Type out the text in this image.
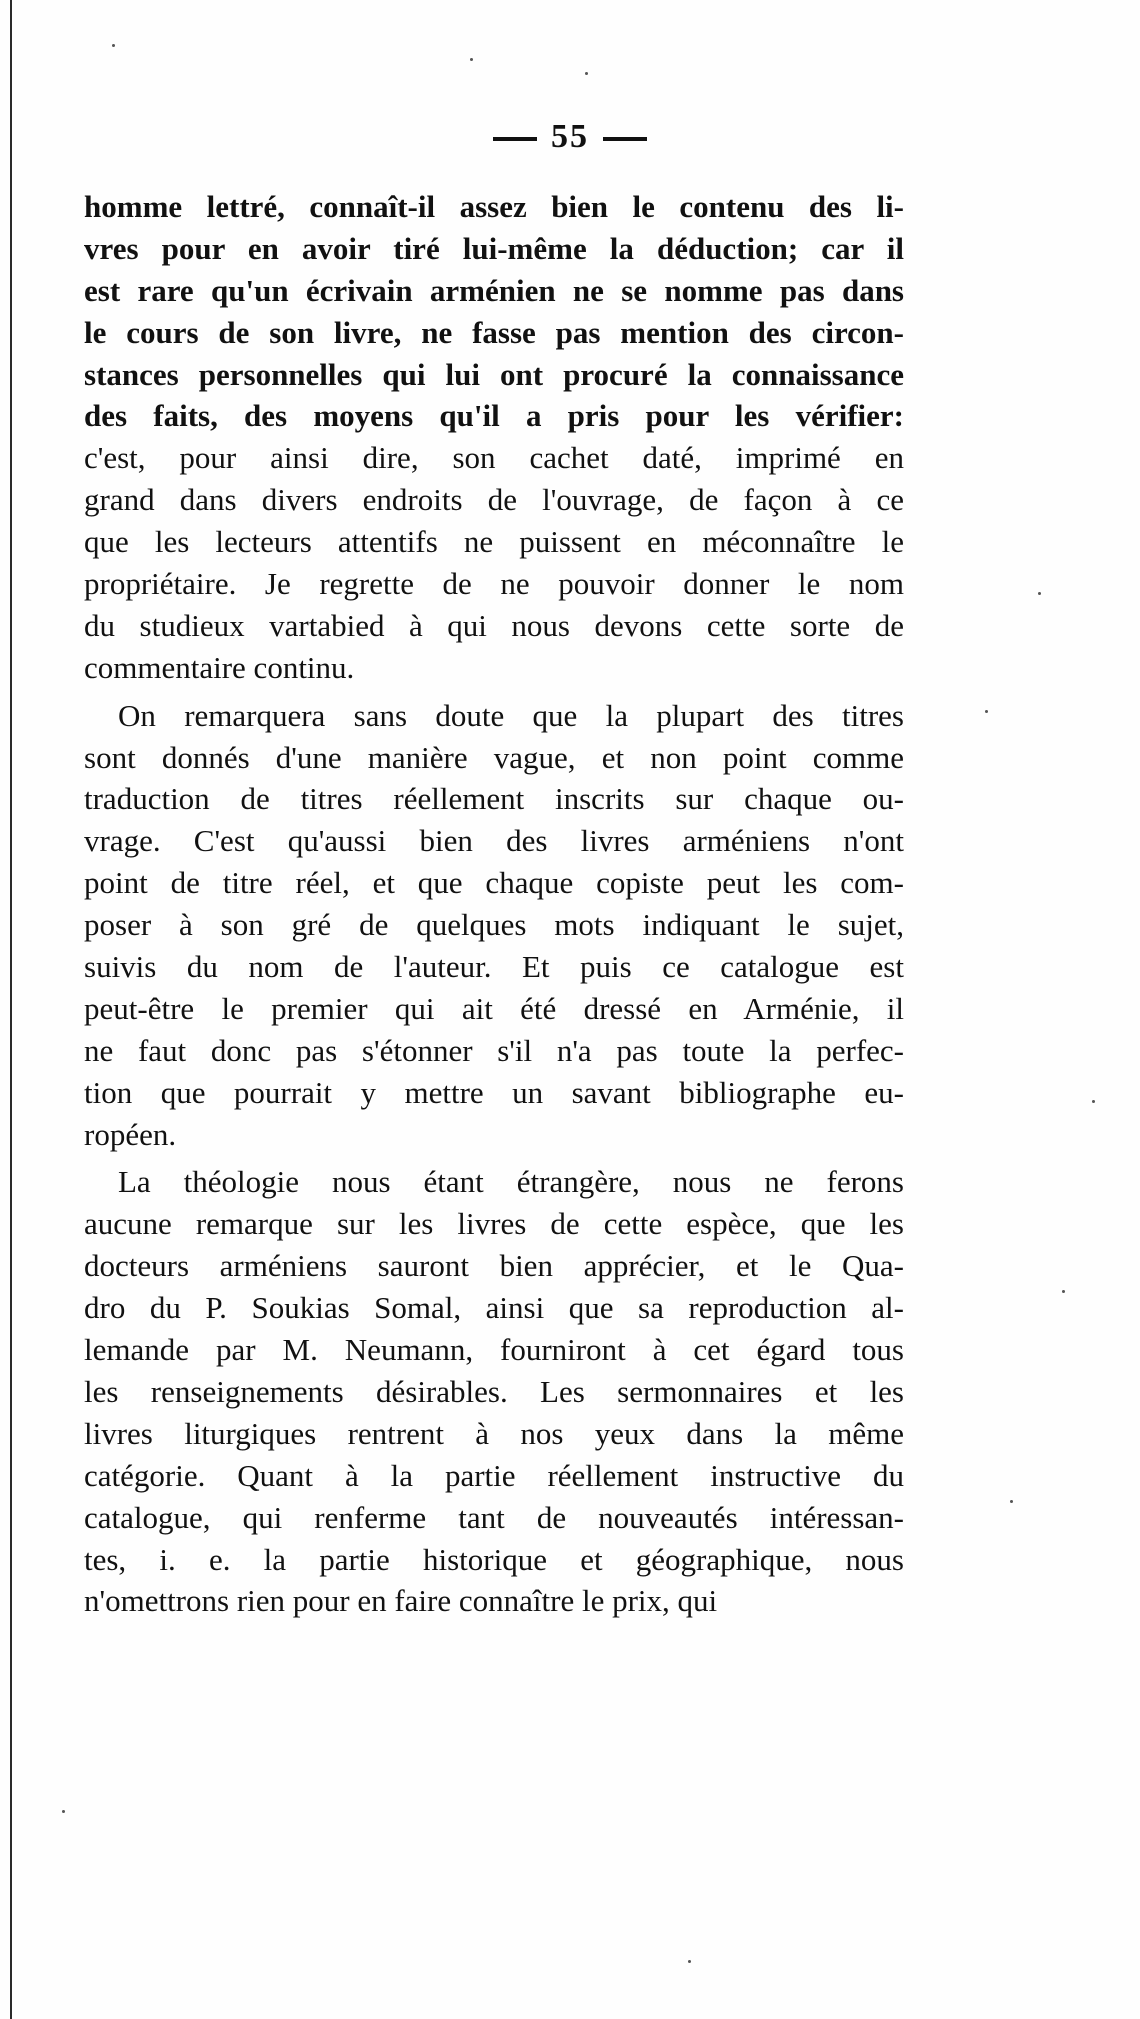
55
homme lettré, connaît-il assez bien le contenu des li-
vres pour en avoir tiré lui-même la déduction; car il
est rare qu'un écrivain arménien ne se nomme pas dans
le cours de son livre, ne fasse pas mention des circon-
stances personnelles qui lui ont procuré la connaissance
des faits, des moyens qu'il a pris pour les vérifier:
c'est, pour ainsi dire, son cachet daté, imprimé en
grand dans divers endroits de l'ouvrage, de façon à ce
que les lecteurs attentifs ne puissent en méconnaître le
propriétaire. Je regrette de ne pouvoir donner le nom
du studieux vartabied à qui nous devons cette sorte de
commentaire continu.
On remarquera sans doute que la plupart des titres
sont donnés d'une manière vague, et non point comme
traduction de titres réellement inscrits sur chaque ou-
vrage. C'est qu'aussi bien des livres arméniens n'ont
point de titre réel, et que chaque copiste peut les com-
poser à son gré de quelques mots indiquant le sujet,
suivis du nom de l'auteur. Et puis ce catalogue est
peut-être le premier qui ait été dressé en Arménie, il
ne faut donc pas s'étonner s'il n'a pas toute la perfec-
tion que pourrait y mettre un savant bibliographe eu-
ropéen.
La théologie nous étant étrangère, nous ne ferons
aucune remarque sur les livres de cette espèce, que les
docteurs arméniens sauront bien apprécier, et le Qua-
dro du P. Soukias Somal, ainsi que sa reproduction al-
lemande par M. Neumann, fourniront à cet égard tous
les renseignements désirables. Les sermonnaires et les
livres liturgiques rentrent à nos yeux dans la même
catégorie. Quant à la partie réellement instructive du
catalogue, qui renferme tant de nouveautés intéressan-
tes, i. e. la partie historique et géographique, nous
n'omettrons rien pour en faire connaître le prix, qui
